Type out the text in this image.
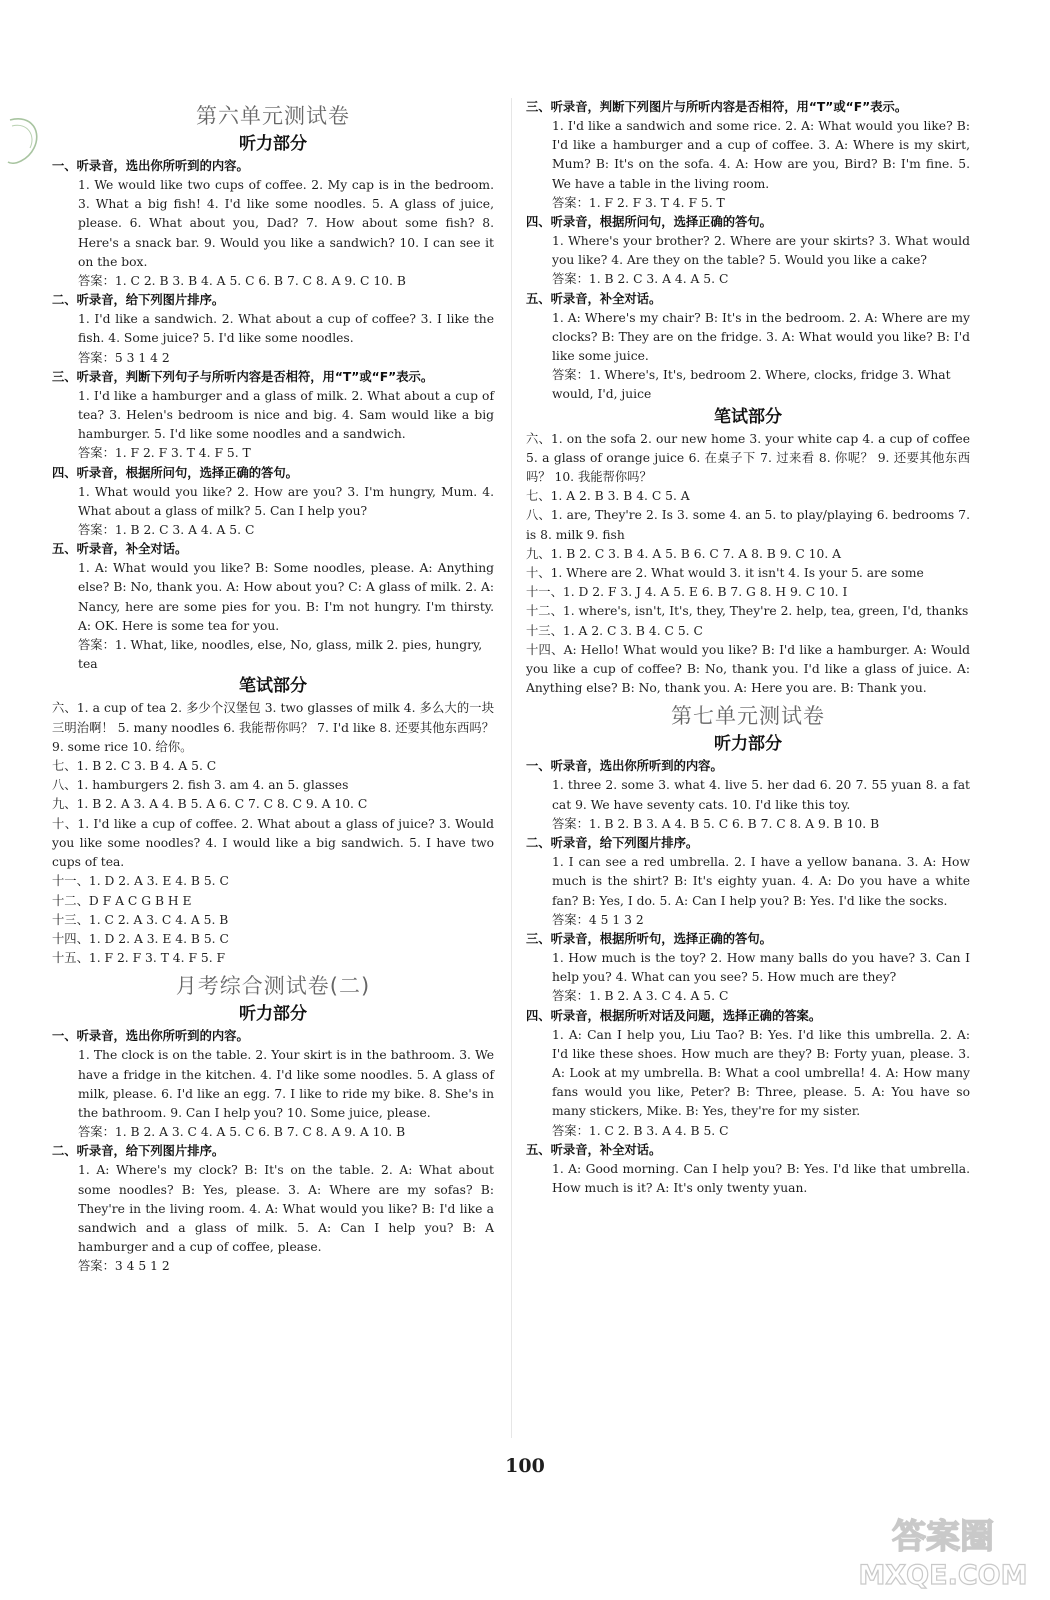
第六单元测试卷
听力部分
一、听录音，选出你所听到的内容。
1. We would like two cups of coffee. 2. My cap is in the bedroom. 3. What a big fish! 4. I'd like some noodles. 5. A glass of juice, please. 6. What about you, Dad? 7. How about some fish? 8. Here's a snack bar. 9. Would you like a sandwich? 10. I can see it on the box.
答案：1. C 2. B 3. B 4. A 5. C 6. B 7. C 8. A 9. C 10. B
二、听录音，给下列图片排序。
1. I'd like a sandwich. 2. What about a cup of coffee? 3. I like the fish. 4. Some juice? 5. I'd like some noodles.
答案：5 3 1 4 2
三、听录音，判断下列句子与所听内容是否相符，用“T”或“F”表示。
1. I'd like a hamburger and a glass of milk. 2. What about a cup of tea? 3. Helen's bedroom is nice and big. 4. Sam would like a big hamburger. 5. I'd like some noodles and a sandwich.
答案：1. F 2. F 3. T 4. F 5. T
四、听录音，根据所问句，选择正确的答句。
1. What would you like? 2. How are you? 3. I'm hungry, Mum. 4. What about a glass of milk? 5. Can I help you?
答案：1. B 2. C 3. A 4. A 5. C
五、听录音，补全对话。
1. A: What would you like? B: Some noodles, please. A: Anything else? B: No, thank you. A: How about you? C: A glass of milk. 2. A: Nancy, here are some pies for you. B: I'm not hungry. I'm thirsty. A: OK. Here is some tea for you.
答案：1. What, like, noodles, else, No, glass, milk 2. pies, hungry, tea
笔试部分
六、1. a cup of tea 2. 多少个汉堡包 3. two glasses of milk 4. 多么大的一块三明治啊！ 5. many noodles 6. 我能帮你吗？ 7. I'd like 8. 还要其他东西吗？ 9. some rice 10. 给你。
七、1. B 2. C 3. B 4. A 5. C
八、1. hamburgers 2. fish 3. am 4. an 5. glasses
九、1. B 2. A 3. A 4. B 5. A 6. C 7. C 8. C 9. A 10. C
十、1. I'd like a cup of coffee. 2. What about a glass of juice? 3. Would you like some noodles? 4. I would like a big sandwich. 5. I have two cups of tea.
十一、1. D 2. A 3. E 4. B 5. C
十二、D F A C G B H E
十三、1. C 2. A 3. C 4. A 5. B
十四、1. D 2. A 3. E 4. B 5. C
十五、1. F 2. F 3. T 4. F 5. F
月考综合测试卷(二)
听力部分
一、听录音，选出你所听到的内容。
1. The clock is on the table. 2. Your skirt is in the bathroom. 3. We have a fridge in the kitchen. 4. I'd like some noodles. 5. A glass of milk, please. 6. I'd like an egg. 7. I like to ride my bike. 8. She's in the bathroom. 9. Can I help you? 10. Some juice, please.
答案：1. B 2. A 3. C 4. A 5. C 6. B 7. C 8. A 9. A 10. B
二、听录音，给下列图片排序。
1. A: Where's my clock? B: It's on the table. 2. A: What about some noodles? B: Yes, please. 3. A: Where are my sofas? B: They're in the living room. 4. A: What would you like? B: I'd like a sandwich and a glass of milk. 5. A: Can I help you? B: A hamburger and a cup of coffee, please.
答案：3 4 5 1 2
三、听录音，判断下列图片与所听内容是否相符，用“T”或“F”表示。
1. I'd like a sandwich and some rice. 2. A: What would you like? B: I'd like a hamburger and a cup of coffee. 3. A: Where is my skirt, Mum? B: It's on the sofa. 4. A: How are you, Bird? B: I'm fine. 5. We have a table in the living room.
答案：1. F 2. F 3. T 4. F 5. T
四、听录音，根据所问句，选择正确的答句。
1. Where's your brother? 2. Where are your skirts? 3. What would you like? 4. Are they on the table? 5. Would you like a cake?
答案：1. B 2. C 3. A 4. A 5. C
五、听录音，补全对话。
1. A: Where's my chair? B: It's in the bedroom. 2. A: Where are my clocks? B: They are on the fridge. 3. A: What would you like? B: I'd like some juice.
答案：1. Where's, It's, bedroom 2. Where, clocks, fridge 3. What would, I'd, juice
笔试部分
六、1. on the sofa 2. our new home 3. your white cap 4. a cup of coffee 5. a glass of orange juice 6. 在桌子下 7. 过来看 8. 你呢？ 9. 还要其他东西吗？ 10. 我能帮你吗？
七、1. A 2. B 3. B 4. C 5. A
八、1. are, They're 2. Is 3. some 4. an 5. to play/playing 6. bedrooms 7. is 8. milk 9. fish
九、1. B 2. C 3. B 4. A 5. B 6. C 7. A 8. B 9. C 10. A
十、1. Where are 2. What would 3. it isn't 4. Is your 5. are some
十一、1. D 2. F 3. J 4. A 5. E 6. B 7. G 8. H 9. C 10. I
十二、1. where's, isn't, It's, they, They're 2. help, tea, green, I'd, thanks
十三、1. A 2. C 3. B 4. C 5. C
十四、A: Hello! What would you like? B: I'd like a hamburger. A: Would you like a cup of coffee? B: No, thank you. I'd like a glass of juice. A: Anything else? B: No, thank you. A: Here you are. B: Thank you.
第七单元测试卷
听力部分
一、听录音，选出你所听到的内容。
1. three 2. some 3. what 4. live 5. her dad 6. 20 7. 55 yuan 8. a fat cat 9. We have seventy cats. 10. I'd like this toy.
答案：1. B 2. B 3. A 4. B 5. C 6. B 7. C 8. A 9. B 10. B
二、听录音，给下列图片排序。
1. I can see a red umbrella. 2. I have a yellow banana. 3. A: How much is the shirt? B: It's eighty yuan. 4. A: Do you have a white fan? B: Yes, I do. 5. A: Can I help you? B: Yes. I'd like the socks.
答案：4 5 1 3 2
三、听录音，根据所听句，选择正确的答句。
1. How much is the toy? 2. How many balls do you have? 3. Can I help you? 4. What can you see? 5. How much are they?
答案：1. B 2. A 3. C 4. A 5. C
四、听录音，根据所听对话及问题，选择正确的答案。
1. A: Can I help you, Liu Tao? B: Yes. I'd like this umbrella. 2. A: I'd like these shoes. How much are they? B: Forty yuan, please. 3. A: Look at my umbrella. B: What a cool umbrella! 4. A: How many fans would you like, Peter? B: Three, please. 5. A: You have so many stickers, Mike. B: Yes, they're for my sister.
答案：1. C 2. B 3. A 4. B 5. C
五、听录音，补全对话。
1. A: Good morning. Can I help you? B: Yes. I'd like that umbrella. How much is it? A: It's only twenty yuan.
100
答案圈
MXQE.COM
